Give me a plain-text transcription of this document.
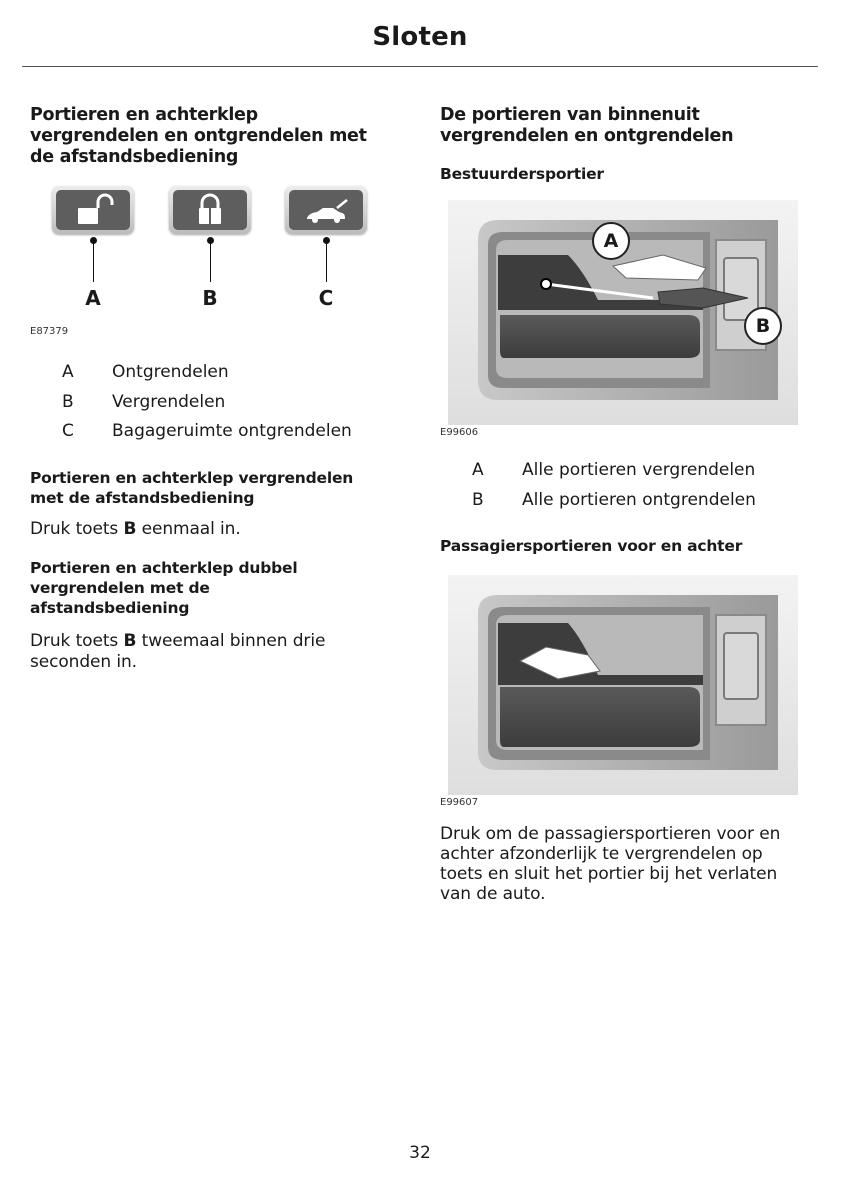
Sloten
Portieren en achterklep
vergrendelen en ontgrendelen met
de afstandsbediening
A	B	C
E87379
A Ontgrendelen
B Vergrendelen
C Bagageruimte ontgrendelen
Portieren en achterklep vergrendelen
met de afstandsbediening
Druk toets B eenmaal in.
Portieren en achterklep dubbel
vergrendelen met de
afstandsbediening
Druk toets B tweemaal binnen drie
seconden in.
De portieren van binnenuit
vergrendelen en ontgrendelen
Bestuurdersportier
A
B
E99606
A Alle portieren vergrendelen
B Alle portieren ontgrendelen
Passagiersportieren voor en achter
E99607
Druk om de passagiersportieren voor en
achter afzonderlijk te vergrendelen op
toets en sluit het portier bij het verlaten
van de auto.
32
